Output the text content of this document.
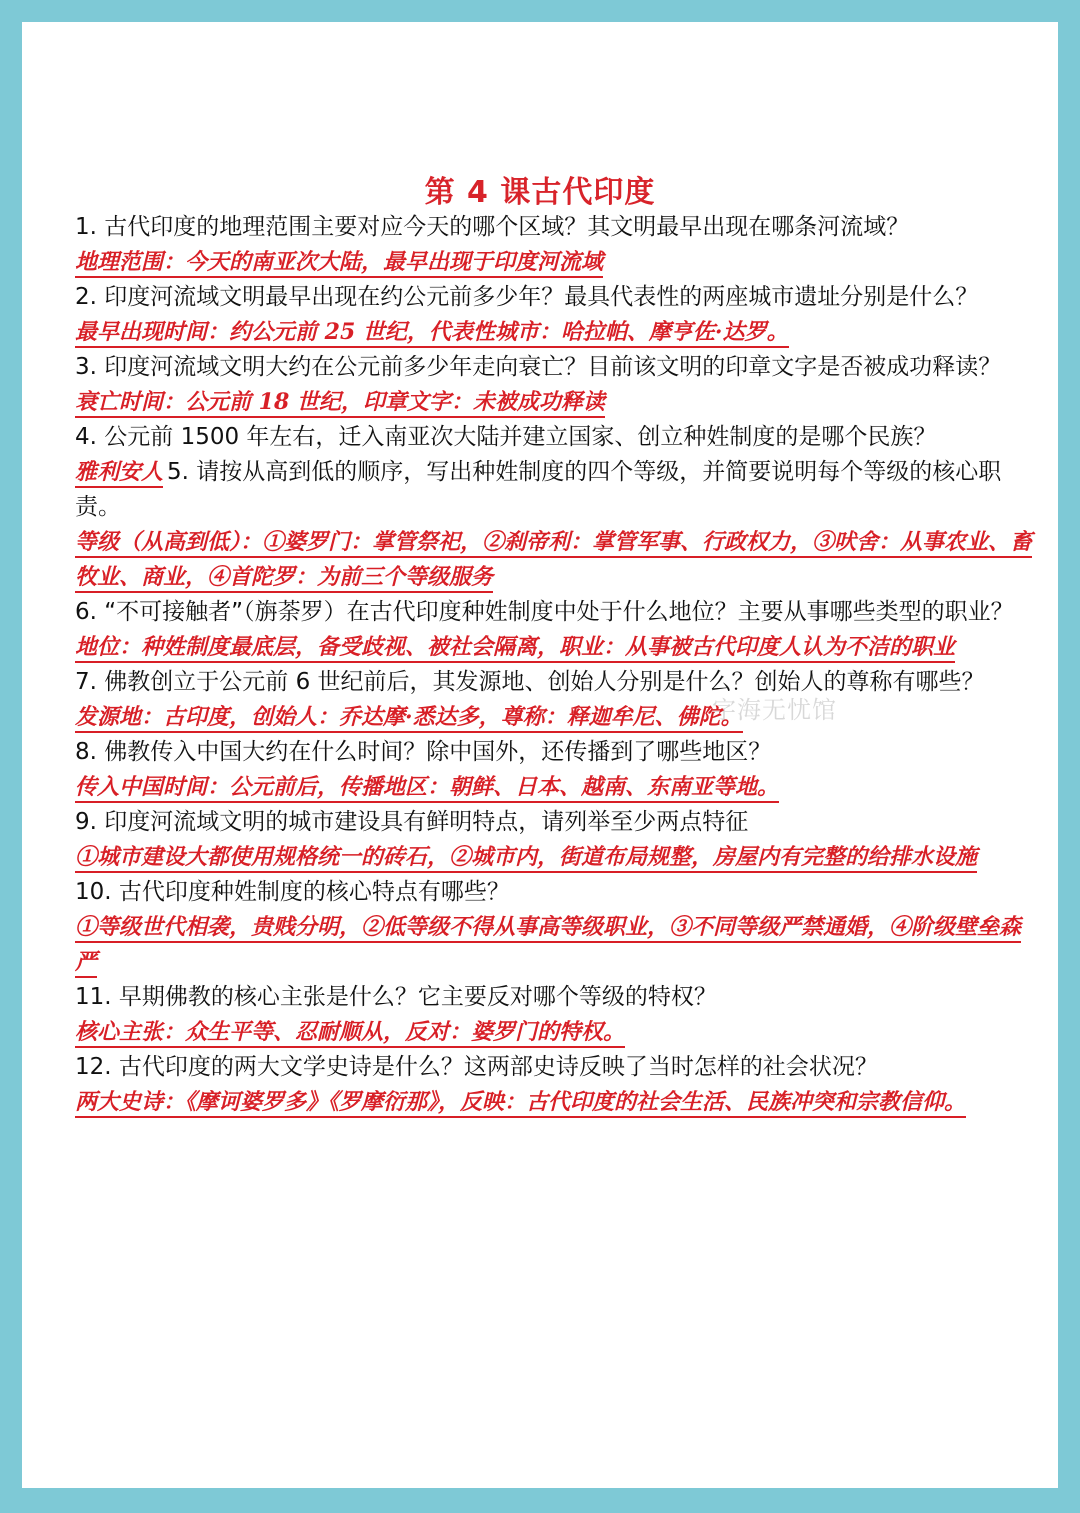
第 4 课古代印度
字海无忧馆

1. 古代印度的地理范围主要对应今天的哪个区域？其文明最早出现在哪条河流域？

地理范围：今天的南亚次大陆，最早出现于印度河流域

2. 印度河流域文明最早出现在约公元前多少年？最具代表性的两座城市遗址分别是什么？

最早出现时间：约公元前 25 世纪，代表性城市：哈拉帕、摩亨佐·达罗。

3. 印度河流域文明大约在公元前多少年走向衰亡？目前该文明的印章文字是否被成功释读？

衰亡时间：公元前 18 世纪，印章文字：未被成功释读

4. 公元前 1500 年左右，迁入南亚次大陆并建立国家、创立种姓制度的是哪个民族？

雅利安人 5. 请按从高到低的顺序，写出种姓制度的四个等级，并简要说明每个等级的核心职责。

等级（从高到低）：①婆罗门：掌管祭祀，②刹帝利：掌管军事、行政权力，③吠舍：从事农业、畜牧业、商业，④首陀罗：为前三个等级服务

6. “不可接触者”（旃荼罗）在古代印度种姓制度中处于什么地位？主要从事哪些类型的职业？

地位：种姓制度最底层，备受歧视、被社会隔离，职业：从事被古代印度人认为不洁的职业

7. 佛教创立于公元前 6 世纪前后，其发源地、创始人分别是什么？创始人的尊称有哪些？

发源地：古印度，创始人：乔达摩·悉达多，尊称：释迦牟尼、佛陀。

8. 佛教传入中国大约在什么时间？除中国外，还传播到了哪些地区？

传入中国时间：公元前后，传播地区：朝鲜、日本、越南、东南亚等地。

9. 印度河流域文明的城市建设具有鲜明特点，请列举至少两点特征

①城市建设大都使用规格统一的砖石，②城市内，街道布局规整，房屋内有完整的给排水设施

10. 古代印度种姓制度的核心特点有哪些？

①等级世代相袭，贵贱分明，②低等级不得从事高等级职业，③不同等级严禁通婚，④阶级壁垒森严

11. 早期佛教的核心主张是什么？它主要反对哪个等级的特权？

核心主张：众生平等、忍耐顺从，反对：婆罗门的特权。

12. 古代印度的两大文学史诗是什么？这两部史诗反映了当时怎样的社会状况？

两大史诗：《摩诃婆罗多》《罗摩衍那》，反映：古代印度的社会生活、民族冲突和宗教信仰。
